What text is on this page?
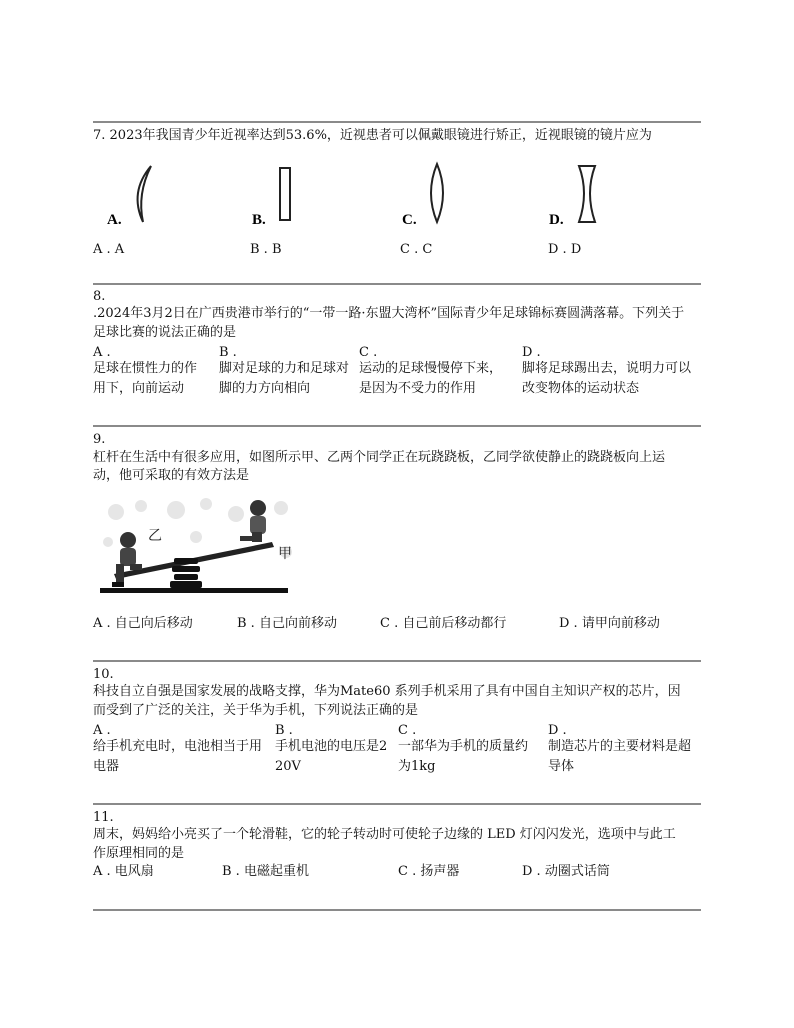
7. 2023年我国青少年近视率达到53.6%，近视患者可以佩戴眼镜进行矫正，近视眼镜的镜片应为
A.	B.	C.	D.
A . A	B . B	C . C	D . D
8.
.2024年3月2日在广西贵港市举行的“一带一路·东盟大湾杯”国际青少年足球锦标赛圆满落幕。下列关于
足球比赛的说法正确的是
A .
足球在惯性力的作
用下，向前运动
B .
脚对足球的力和足球对
脚的力方向相向
C .
运动的足球慢慢停下来，
是因为不受力的作用
D .
脚将足球踢出去，说明力可以
改变物体的运动状态
9.
杠杆在生活中有很多应用，如图所示甲、乙两个同学正在玩跷跷板，乙同学欲使静止的跷跷板向上运
动，他可采取的有效方法是
乙
甲
A . 自己向后移动	B . 自己向前移动	C . 自己前后移动都行	D . 请甲向前移动
10.
科技自立自强是国家发展的战略支撑，华为Mate60 系列手机采用了具有中国自主知识产权的芯片，因
而受到了广泛的关注，关于华为手机，下列说法正确的是
A .
给手机充电时，电池相当于用
电器
B .
手机电池的电压是2
20V
C .
一部华为手机的质量约
为1kg
D .
制造芯片的主要材料是超
导体
11.
周末，妈妈给小亮买了一个轮滑鞋，它的轮子转动时可使轮子边缘的 LED 灯闪闪发光，选项中与此工
作原理相同的是
A . 电风扇	B . 电磁起重机	C . 扬声器	D . 动圈式话筒
